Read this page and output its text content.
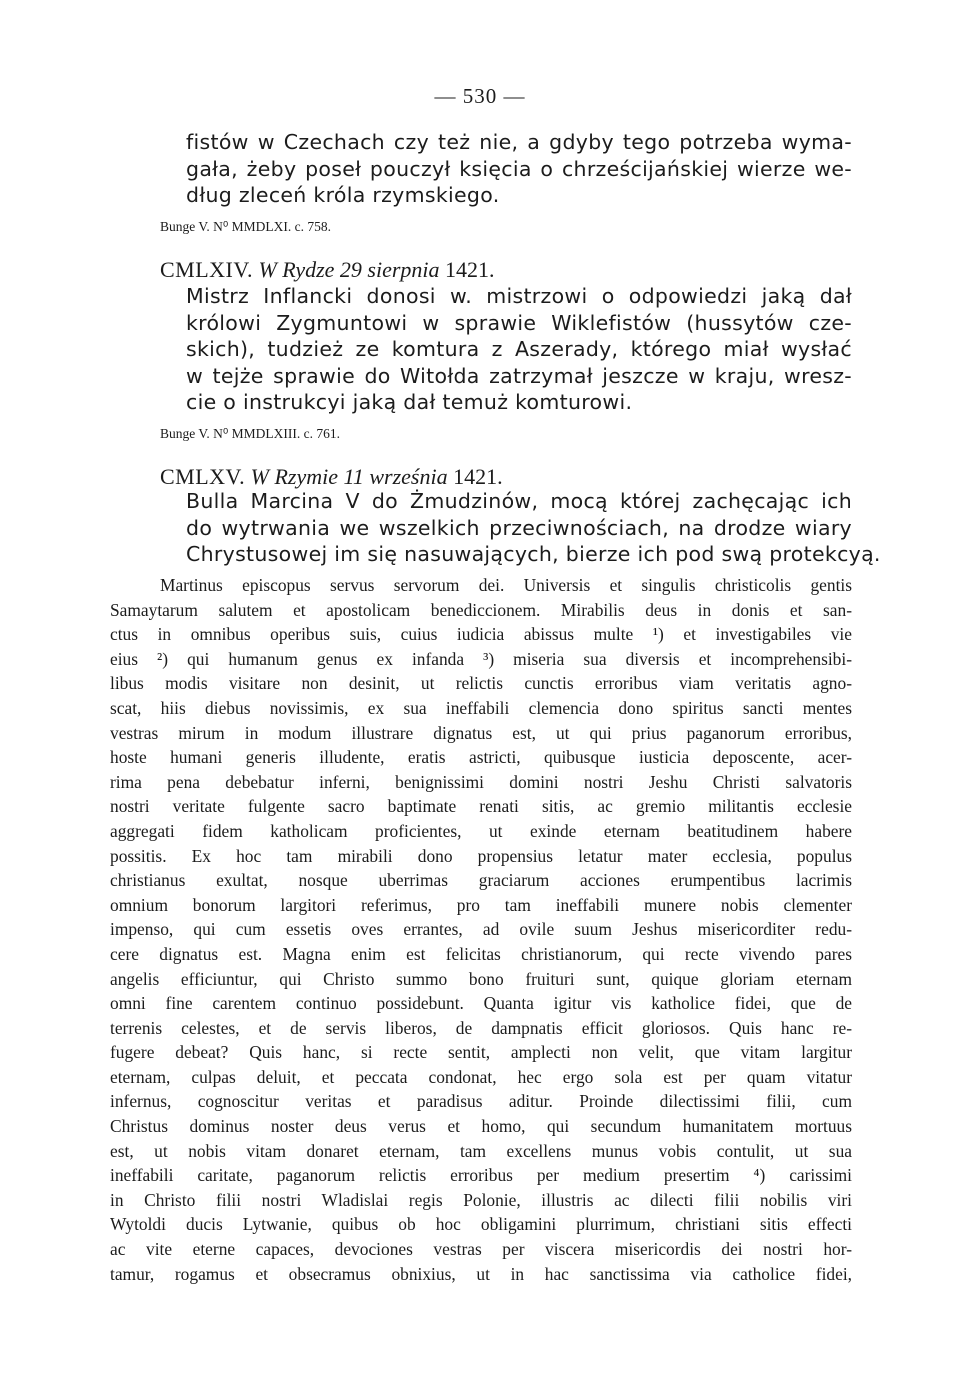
— 530 —
fistów w Czechach czy też nie, a gdyby tego potrzeba wyma-
gała, żeby poseł pouczył księcia o chrześcijańskiej wierze we-
dług zleceń króla rzymskiego.
Bunge V. N⁰ MMDLXI. c. 758.
CMLXIV. W Rydze 29 sierpnia 1421.
Mistrz Inflancki donosi w. mistrzowi o odpowiedzi jaką dał
królowi Zygmuntowi w sprawie Wiklefistów (hussytów cze-
skich), tudzież ze komtura z Aszerady, którego miał wysłać
w tejże sprawie do Witołda zatrzymał jeszcze w kraju, wresz-
cie o instrukcyi jaką dał temuż komturowi.
Bunge V. N⁰ MMDLXIII. c. 761.
CMLXV. W Rzymie 11 września 1421.
Bulla Marcina V do Żmudzinów, mocą której zachęcając ich
do wytrwania we wszelkich przeciwnościach, na drodze wiary
Chrystusowej im się nasuwających, bierze ich pod swą protekcyą.
Martinus episcopus servus servorum dei. Universis et singulis christicolis gentis
Samaytarum salutem et apostolicam benediccionem. Mirabilis deus in donis et san-
ctus in omnibus operibus suis, cuius iudicia abissus multe ¹) et investigabiles vie
eius ²) qui humanum genus ex infanda ³) miseria sua diversis et incomprehensibi-
libus modis visitare non desinit, ut relictis cunctis erroribus viam veritatis agno-
scat, hiis diebus novissimis, ex sua ineffabili clemencia dono spiritus sancti mentes
vestras mirum in modum illustrare dignatus est, ut qui prius paganorum erroribus,
hoste humani generis illudente, eratis astricti, quibusque iusticia deposcente, acer-
rima pena debebatur inferni, benignissimi domini nostri Jeshu Christi salvatoris
nostri veritate fulgente sacro baptimate renati sitis, ac gremio militantis ecclesie
aggregati fidem katholicam proficientes, ut exinde eternam beatitudinem habere
possitis. Ex hoc tam mirabili dono propensius letatur mater ecclesia, populus
christianus exultat, nosque uberrimas graciarum acciones erumpentibus lacrimis
omnium bonorum largitori referimus, pro tam ineffabili munere nobis clementer
impenso, qui cum essetis oves errantes, ad ovile suum Jeshus misericorditer redu-
cere dignatus est. Magna enim est felicitas christianorum, qui recte vivendo pares
angelis efficiuntur, qui Christo summo bono fruituri sunt, quique gloriam eternam
omni fine carentem continuo possidebunt. Quanta igitur vis katholice fidei, que de
terrenis celestes, et de servis liberos, de dampnatis efficit gloriosos. Quis hanc re-
fugere debeat? Quis hanc, si recte sentit, amplecti non velit, que vitam largitur
eternam, culpas deluit, et peccata condonat, hec ergo sola est per quam vitatur
infernus, cognoscitur veritas et paradisus aditur. Proinde dilectissimi filii, cum
Christus dominus noster deus verus et homo, qui secundum humanitatem mortuus
est, ut nobis vitam donaret eternam, tam excellens munus vobis contulit, ut sua
ineffabili caritate, paganorum relictis erroribus per medium presertim ⁴) carissimi
in Christo filii nostri Wladislai regis Polonie, illustris ac dilecti filii nobilis viri
Wytoldi ducis Lytwanie, quibus ob hoc obligamini plurrimum, christiani sitis effecti
ac vite eterne capaces, devociones vestras per viscera misericordis dei nostri hor-
tamur, rogamus et obsecramus obnixius, ut in hac sanctissima via catholice fidei,
